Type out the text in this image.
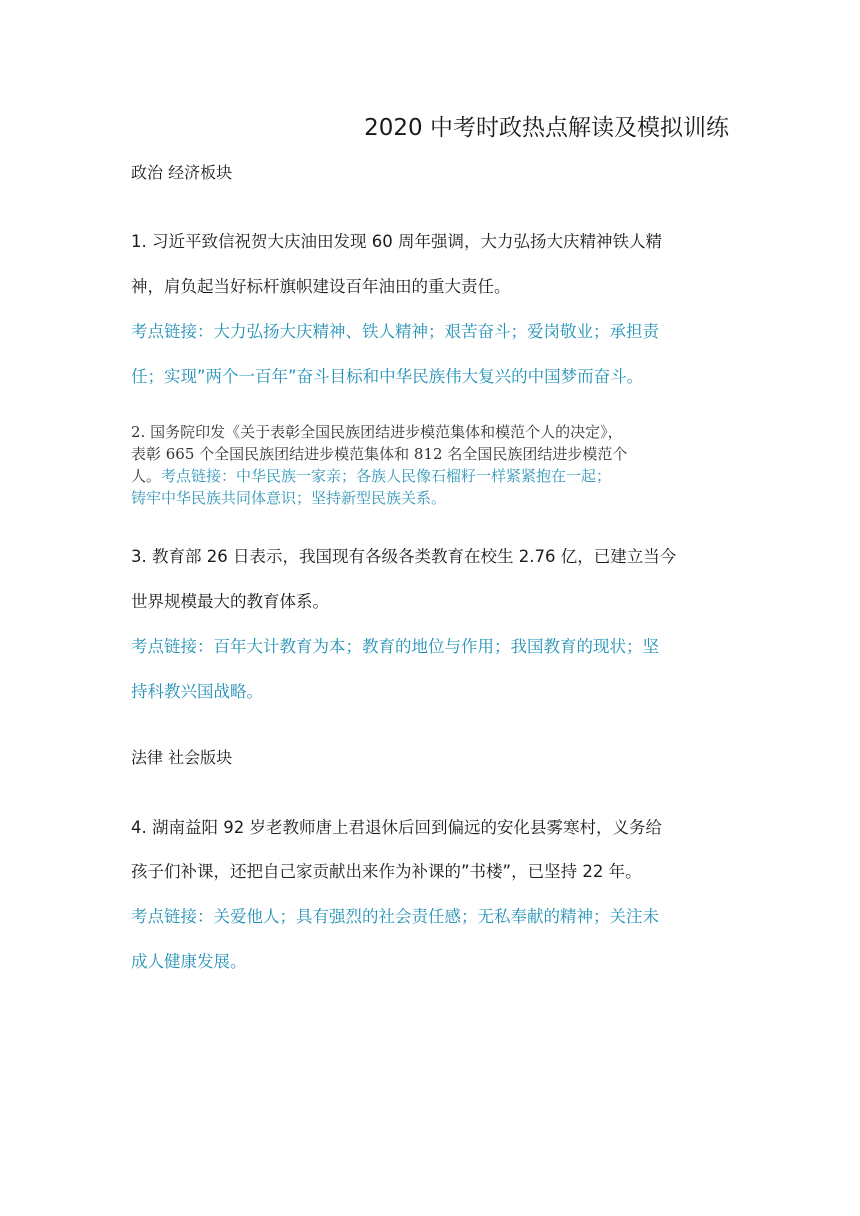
2020 中考时政热点解读及模拟训练
政治 经济板块
1. 习近平致信祝贺大庆油田发现 60 周年强调，大力弘扬大庆精神铁人精
神，肩负起当好标杆旗帜建设百年油田的重大责任。
考点链接：大力弘扬大庆精神、铁人精神；艰苦奋斗；爱岗敬业；承担责
任；实现”两个一百年”奋斗目标和中华民族伟大复兴的中国梦而奋斗。
2. 国务院印发《关于表彰全国民族团结进步模范集体和模范个人的决定》，
表彰 665 个全国民族团结进步模范集体和 812 名全国民族团结进步模范个
人。考点链接：中华民族一家亲；各族人民像石榴籽一样紧紧抱在一起；
铸牢中华民族共同体意识；坚持新型民族关系。
3. 教育部 26 日表示，我国现有各级各类教育在校生 2.76 亿，已建立当今
世界规模最大的教育体系。
考点链接：百年大计教育为本；教育的地位与作用；我国教育的现状；坚
持科教兴国战略。
法律 社会版块
4. 湖南益阳 92 岁老教师唐上君退休后回到偏远的安化县雾寒村，义务给
孩子们补课，还把自己家贡献出来作为补课的”书楼”，已坚持 22 年。
考点链接：关爱他人；具有强烈的社会责任感；无私奉献的精神；关注未
成人健康发展。
